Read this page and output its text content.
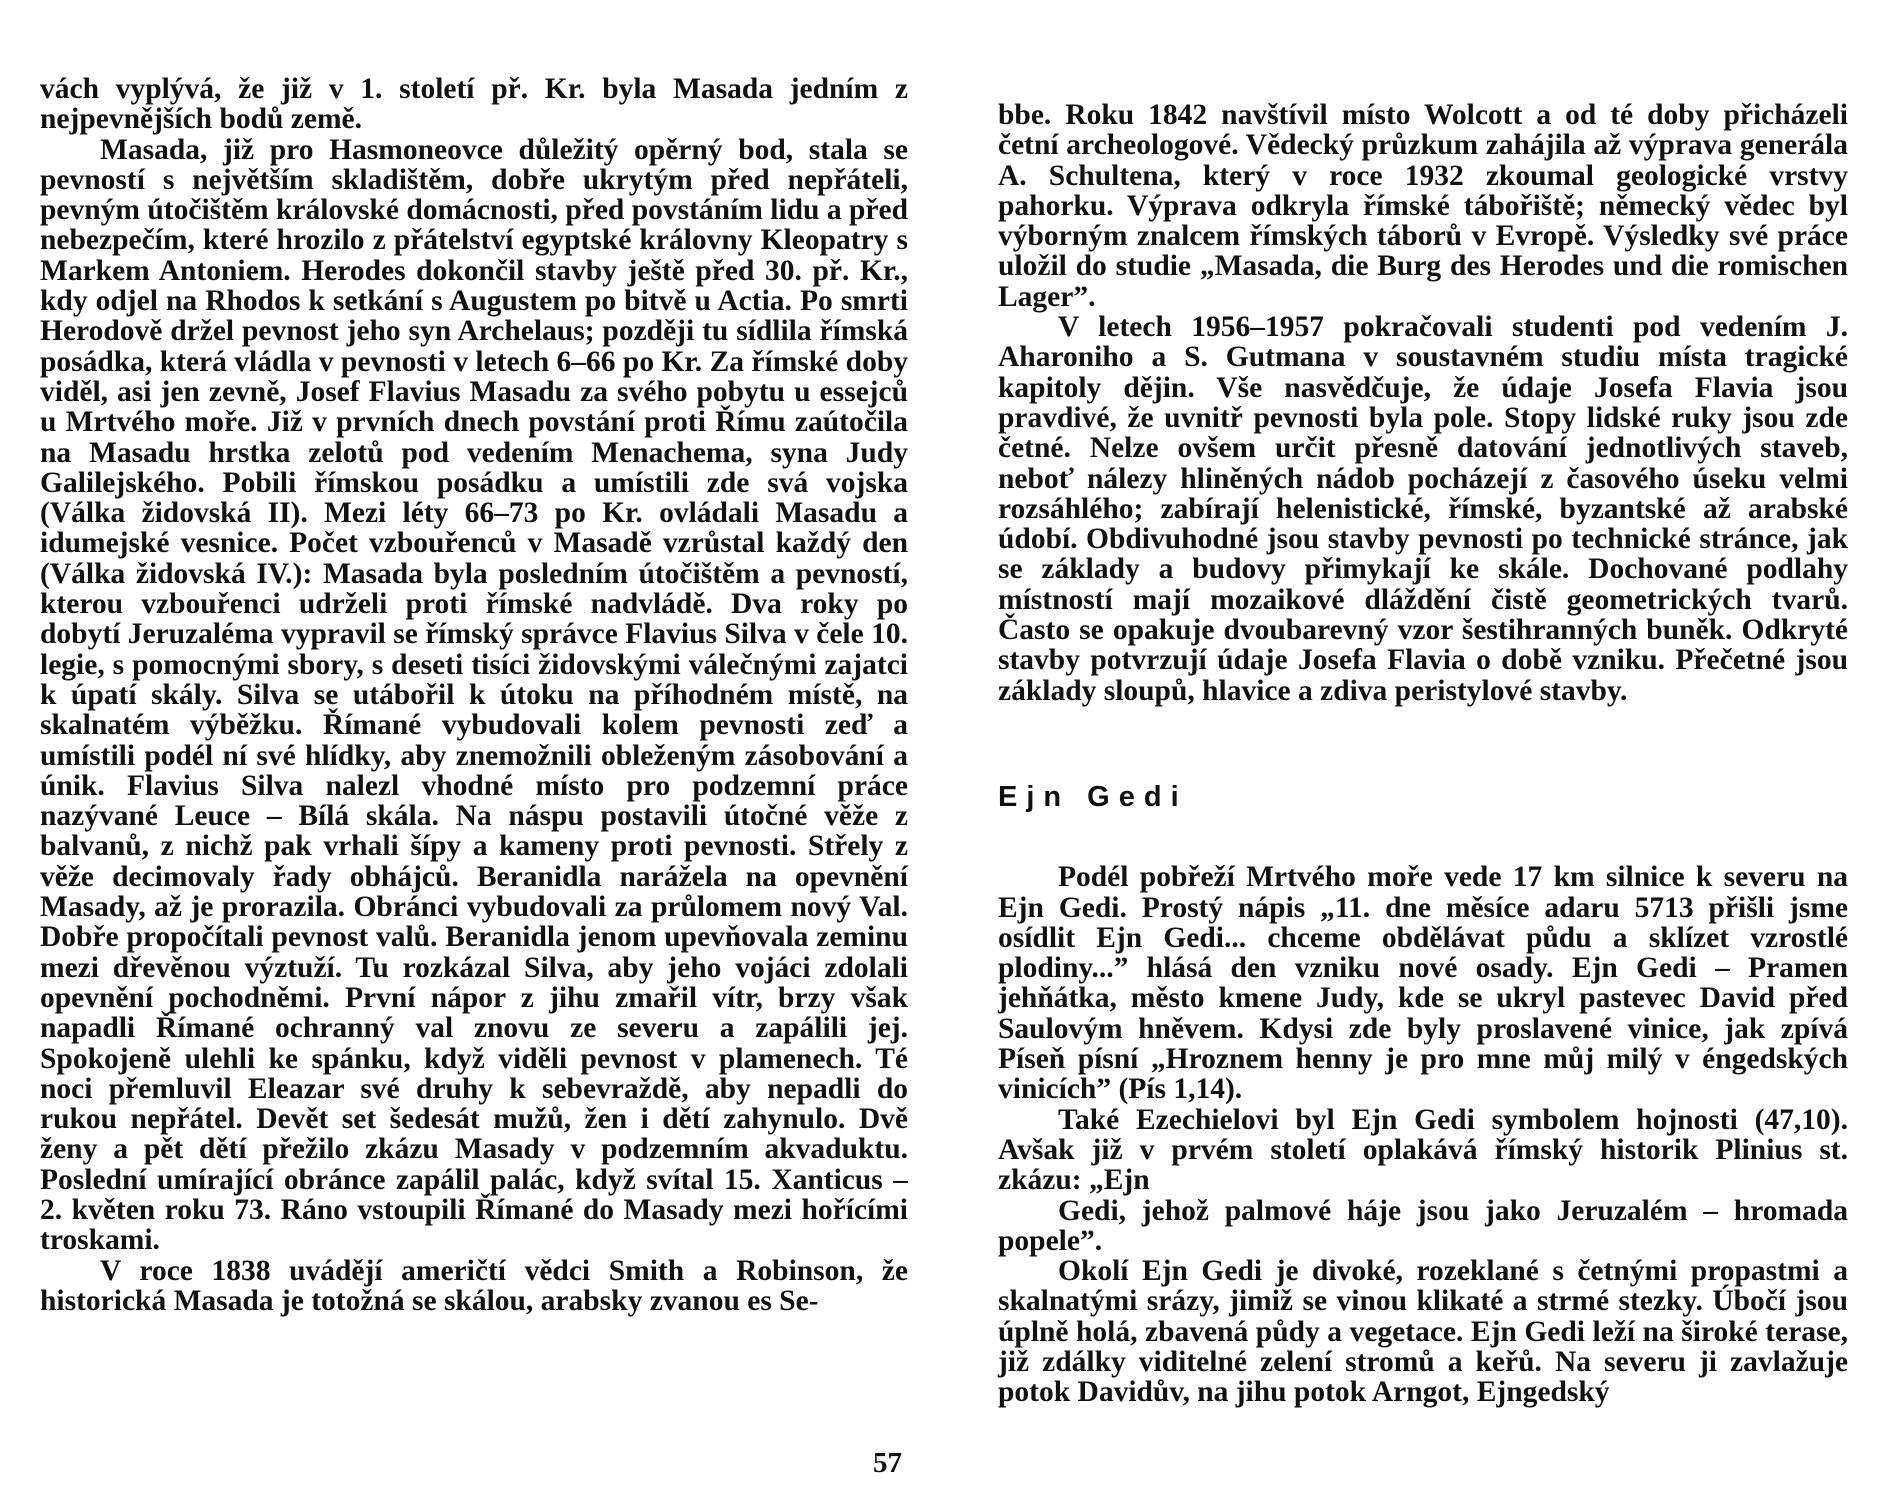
vách vyplývá, že již v 1. století př. Kr. byla Masada jedním z nejpevnějších bodů země.

Masada, již pro Hasmoneovce důležitý opěrný bod, stala se pevností s největším skladištěm, dobře ukrytým před nepřáteli, pevným útočištěm královské domácnosti, před povstáním lidu a před nebezpečím, které hrozilo z přátelství egyptské královny Kleopatry s Markem Antoniem. Herodes dokončil stavby ještě před 30. př. Kr., kdy odjel na Rhodos k setkání s Augustem po bitvě u Actia. Po smrti Herodově držel pevnost jeho syn Archelaus; později tu sídlila římská posádka, která vládla v pevnosti v letech 6–66 po Kr. Za římské doby viděl, asi jen zevně, Josef Flavius Masadu za svého pobytu u essejců u Mrtvého moře. Již v prvních dnech povstání proti Římu zaútočila na Masadu hrstka zelotů pod vedením Menachema, syna Judy Galilejského. Pobili římskou posádku a umístili zde svá vojska (Válka židovská II). Mezi léty 66–73 po Kr. ovládali Masadu a idumejské vesnice. Počet vzbouřenců v Masadě vzrůstal každý den (Válka židovská IV.): Masada byla posledním útočištěm a pevností, kterou vzbouřenci udrželi proti římské nadvládě. Dva roky po dobytí Jeruzaléma vypravil se římský správce Flavius Silva v čele 10. legie, s pomocnými sbory, s deseti tisíci židovskými válečnými zajatci k úpatí skály. Silva se utábořil k útoku na příhodném místě, na skalnatém výběžku. Římané vybudovali kolem pevnosti zeď a umístili podél ní své hlídky, aby znemožnili obleženým zásobování a únik. Flavius Silva nalezl vhodné místo pro podzemní práce nazývané Leuce – Bílá skála. Na náspu postavili útočné věže z balvanů, z nichž pak vrhali šípy a kameny proti pevnosti. Střely z věže decimovaly řady obhájců. Beranidla narážela na opevnění Masady, až je prorazila. Obránci vybudovali za průlomem nový Val. Dobře propočítali pevnost valů. Beranidla jenom upevňovala zeminu mezi dřevěnou výztuží. Tu rozkázal Silva, aby jeho vojáci zdolali opevnění pochodněmi. První nápor z jihu zmařil vítr, brzy však napadli Římané ochranný val znovu ze severu a zapálili jej. Spokojeně ulehli ke spánku, když viděli pevnost v plamenech. Té noci přemluvil Eleazar své druhy k sebevraždě, aby nepadli do rukou nepřátel. Devět set šedesát mužů, žen i dětí zahynulo. Dvě ženy a pět dětí přežilo zkázu Masady v podzemním akvaduktu. Poslední umírající obránce zapálil palác, když svítal 15. Xanticus – 2. květen roku 73. Ráno vstoupili Římané do Masady mezi hořícími troskami.

V roce 1838 uvádějí američtí vědci Smith a Robinson, že historická Masada je totožná se skálou, arabsky zvanou es Se-

57

bbe. Roku 1842 navštívil místo Wolcott a od té doby přicházeli četní archeologové. Vědecký průzkum zahájila až výprava generála A. Schultena, který v roce 1932 zkoumal geologické vrstvy pahorku. Výprava odkryla římské tábořiště; německý vědec byl výborným znalcem římských táborů v Evropě. Výsledky své práce uložil do studie „Masada, die Burg des Herodes und die romischen Lager”.

V letech 1956–1957 pokračovali studenti pod vedením J. Aharoniho a S. Gutmana v soustavném studiu místa tragické kapitoly dějin. Vše nasvědčuje, že údaje Josefa Flavia jsou pravdivé, že uvnitř pevnosti byla pole. Stopy lidské ruky jsou zde četné. Nelze ovšem určit přesně datování jednotlivých staveb, neboť nálezy hliněných nádob pocházejí z časového úseku velmi rozsáhlého; zabírají helenistické, římské, byzantské až arabské údobí. Obdivuhodné jsou stavby pevnosti po technické stránce, jak se základy a budovy přimykají ke skále. Dochované podlahy místností mají mozaikové dláždění čistě geometrických tvarů. Často se opakuje dvoubarevný vzor šestihranných buněk. Odkryté stavby potvrzují údaje Josefa Flavia o době vzniku. Přečetné jsou základy sloupů, hlavice a zdiva peristylové stavby.

Ejn Gedi

Podél pobřeží Mrtvého moře vede 17 km silnice k severu na Ejn Gedi. Prostý nápis „11. dne měsíce adaru 5713 přišli jsme osídlit Ejn Gedi... chceme obdělávat půdu a sklízet vzrostlé plodiny...” hlásá den vzniku nové osady. Ejn Gedi – Pramen jehňátka, město kmene Judy, kde se ukryl pastevec David před Saulovým hněvem. Kdysi zde byly proslavené vinice, jak zpívá Píseň písní „Hroznem henny je pro mne můj milý v éngedských vinicích” (Pís 1,14).

Také Ezechielovi byl Ejn Gedi symbolem hojnosti (47,10). Avšak již v prvém století oplakává římský historik Plinius st. zkázu: „Ejn

Gedi, jehož palmové háje jsou jako Jeruzalém – hromada popele”.

Okolí Ejn Gedi je divoké, rozeklané s četnými propastmi a skalnatými srázy, jimiž se vinou klikaté a strmé stezky. Úbočí jsou úplně holá, zbavená půdy a vegetace. Ejn Gedi leží na široké terase, již zdálky viditelné zelení stromů a keřů. Na severu ji zavlažuje potok Davidův, na jihu potok Arngot, Ejngedský
